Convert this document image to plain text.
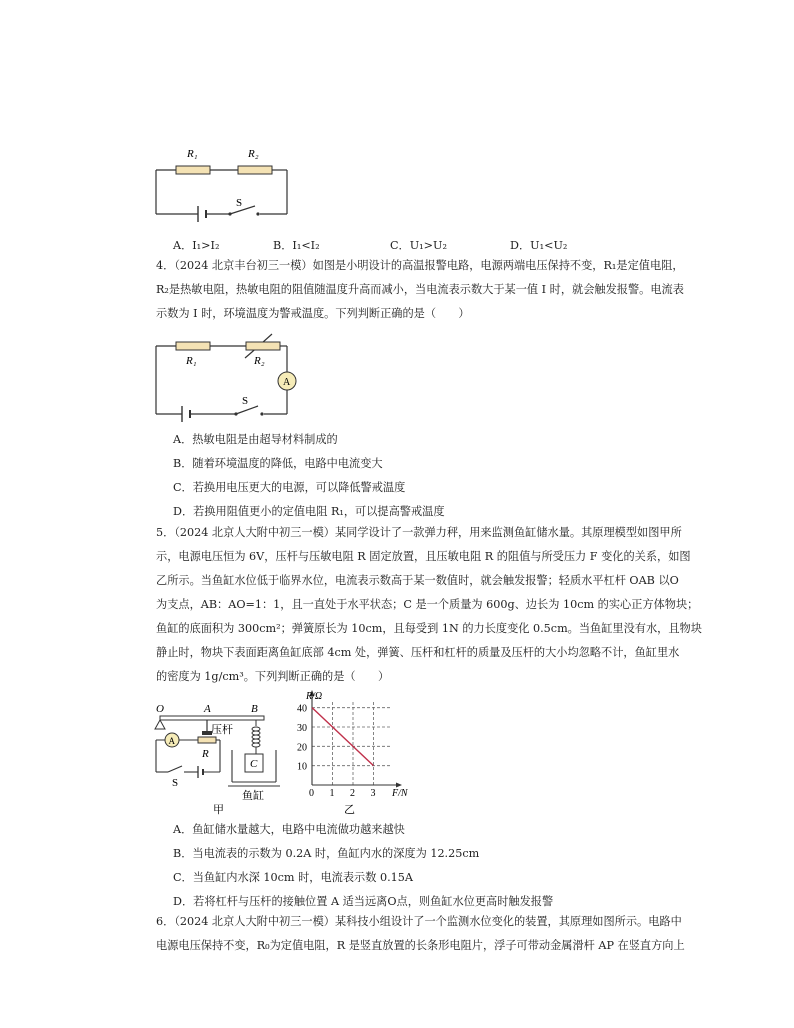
R₁	R₂
S
A．I₁>I₂	B．I₁<I₂	C．U₁>U₂	D．U₁<U₂
4．（2024 北京丰台初三一模）如图是小明设计的高温报警电路，电源两端电压保持不变，R₁是定值电阻，
R₂是热敏电阻，热敏电阻的阻值随温度升高而减小，当电流表示数大于某一值 I 时，就会触发报警。电流表
示数为 I 时，环境温度为警戒温度。下列判断正确的是（　　）
A
R₁	R₂
S
A．热敏电阻是由超导材料制成的
B．随着环境温度的降低，电路中电流变大
C．若换用电压更大的电源，可以降低警戒温度
D．若换用阻值更小的定值电阻 R₁，可以提高警戒温度
5．（2024 北京人大附中初三一模）某同学设计了一款弹力秤，用来监测鱼缸储水量。其原理模型如图甲所
示，电源电压恒为 6V，压杆与压敏电阻 R 固定放置，且压敏电阻 R 的阻值与所受压力 F 变化的关系，如图
乙所示。当鱼缸水位低于临界水位，电流表示数高于某一数值时，就会触发报警；轻质水平杠杆 OAB 以O
为支点，AB：AO=1：1，且一直处于水平状态；C 是一个质量为 600g、边长为 10cm 的实心正方体物块；
鱼缸的底面积为 300cm²；弹簧原长为 10cm，且每受到 1N 的力长度变化 0.5cm。当鱼缸里没有水，且物块
静止时，物块下表面距离鱼缸底部 4cm 处，弹簧、压杆和杠杆的质量及压杆的大小均忽略不计，鱼缸里水
的密度为 1g/cm³。下列判断正确的是（　　）
A
O	A	B
压杆
R
S
C
鱼缸
甲
0 1 2 3
10
20
30
40
R/Ω
F/N
乙
A．鱼缸储水量越大，电路中电流做功越来越快
B．当电流表的示数为 0.2A 时，鱼缸内水的深度为 12.25cm
C．当鱼缸内水深 10cm 时，电流表示数 0.15A
D．若将杠杆与压杆的接触位置 A 适当远离O点，则鱼缸水位更高时触发报警
6．（2024 北京人大附中初三一模）某科技小组设计了一个监测水位变化的装置，其原理如图所示。电路中
电源电压保持不变，R₀为定值电阻，R 是竖直放置的长条形电阻片，浮子可带动金属滑杆 AP 在竖直方向上
